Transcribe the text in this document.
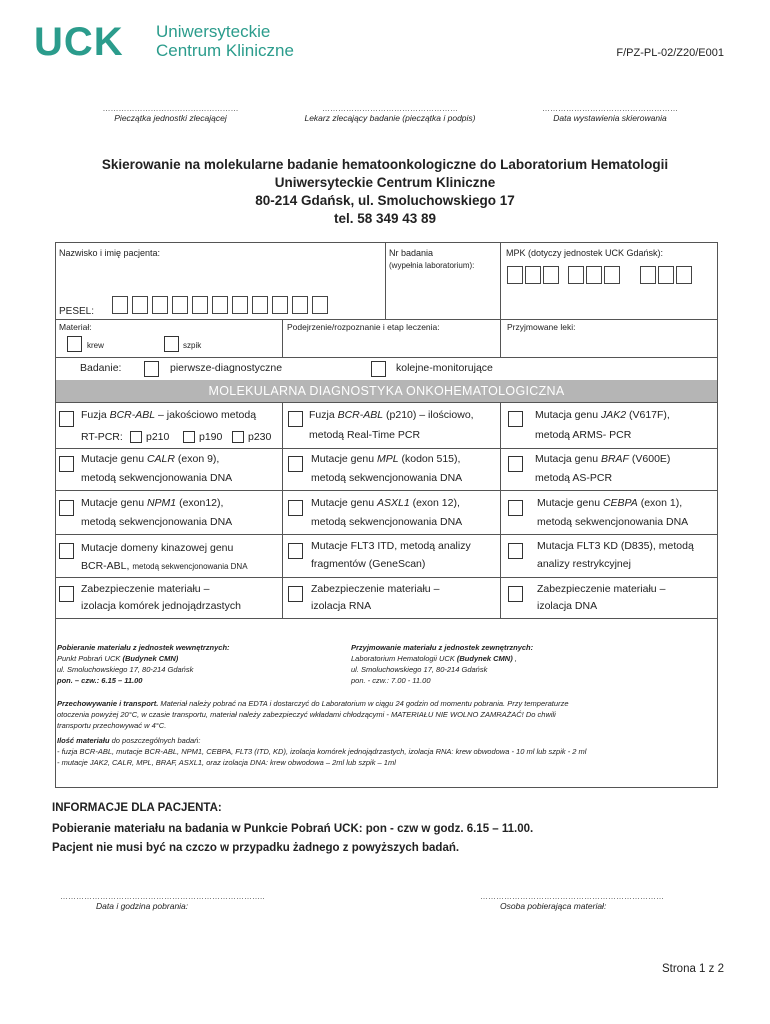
UCK Uniwersyteckie
Centrum Kliniczne	F/PZ-PL-02/Z20/E001
……………………………………………
Pieczątka jednostki zlecającej
……………………………………………
Lekarz zlecający badanie (pieczątka i podpis)
……………………………………………
Data wystawienia skierowania
Skierowanie na molekularne badanie hematoonkologiczne do Laboratorium Hematologii
Uniwersyteckie Centrum Kliniczne
80-214 Gdańsk, ul. Smoluchowskiego 17
tel. 58 349 43 89
Nazwisko i imię pacjenta:	Nr badania
(wypełnia laboratorium):
MPK (dotyczy jednostek UCK Gdańsk):
PESEL:
Materiał:
krew	szpik
Podejrzenie/rozpoznanie i etap leczenia:	Przyjmowane leki:
Badanie:	pierwsze-diagnostyczne	kolejne-monitorujące
MOLEKULARNA DIAGNOSTYKA ONKOHEMATOLOGICZNA
Fuzja BCR-ABL – jakościowo metodą
RT-PCR: p210	p190 p230
Fuzja BCR-ABL (p210) – ilościowo,
metodą Real-Time PCR
Mutacja genu JAK2 (V617F),
metodą ARMS- PCR
Mutacje genu CALR (exon 9),
metodą sekwencjonowania DNA
Mutacje genu MPL (kodon 515),
metodą sekwencjonowania DNA
Mutacja genu BRAF (V600E)
metodą AS-PCR
Mutacje genu NPM1 (exon12),
metodą sekwencjonowania DNA
Mutacje genu ASXL1 (exon 12),
metodą sekwencjonowania DNA
Mutacje genu CEBPA (exon 1),
metodą sekwencjonowania DNA
Mutacje domeny kinazowej genu
BCR-ABL, metodą sekwencjonowania DNA
Mutacje FLT3 ITD, metodą analizy
fragmentów (GeneScan)
Mutacja FLT3 KD (D835), metodą
analizy restrykcyjnej
Zabezpieczenie materiału –
izolacja komórek jednojądrzastych
Zabezpieczenie materiału –
izolacja RNA
Zabezpieczenie materiału –
izolacja DNA
Pobieranie materiału z jednostek wewnętrznych:
Punkt Pobrań UCK (Budynek CMN)
ul. Smoluchowskiego 17, 80-214 Gdańsk
pon. – czw.: 6.15 – 11.00
Przyjmowanie materiału z jednostek zewnętrznych:
Laboratorium Hematologii UCK (Budynek CMN) ,
ul. Smoluchowskiego 17, 80-214 Gdańsk
pon. - czw.: 7.00 - 11.00
Przechowywanie i transport. Materiał należy pobrać na EDTA i dostarczyć do Laboratorium w ciągu 24 godzin od momentu pobrania. Przy temperaturze
otoczenia powyżej 20°C, w czasie transportu, materiał należy zabezpieczyć wkładami chłodzącymi - MATERIAŁU NIE WOLNO ZAMRAŻAĆ! Do chwili
transportu przechowywać w 4°C.
Ilość materiału do poszczególnych badań:
- fuzja BCR-ABL, mutacje BCR-ABL, NPM1, CEBPA, FLT3 (ITD, KD), izolacja komórek jednojądrzastych, izolacja RNA: krew obwodowa - 10 ml lub szpik - 2 ml
- mutacje JAK2, CALR, MPL, BRAF, ASXL1, oraz izolacja DNA: krew obwodowa – 2ml lub szpik – 1ml
INFORMACJE DLA PACJENTA:
Pobieranie materiału na badania w Punkcie Pobrań UCK: pon - czw w godz. 6.15 – 11.00.
Pacjent nie musi być na czczo w przypadku żadnego z powyższych badań.
…………………………………………………………………..
Data i godzina pobrania:
……………………………………………………………
Osoba pobierająca materiał:
Strona 1 z 2
